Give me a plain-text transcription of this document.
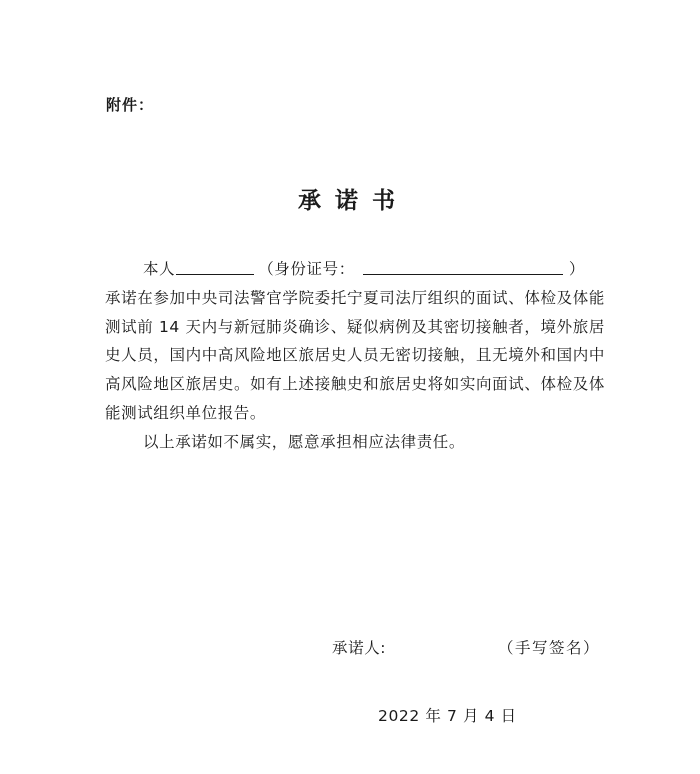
附件：
承诺书
本人	（身份证号：	）

承诺在参加中央司法警官学院委托宁夏司法厅组织的面试、体检及体能测试前 14 天内与新冠肺炎确诊、疑似病例及其密切接触者，境外旅居史人员，国内中高风险地区旅居史人员无密切接触，且无境外和国内中高风险地区旅居史。如有上述接触史和旅居史将如实向面试、体检及体能测试组织单位报告。

以上承诺如不属实，愿意承担相应法律责任。

承诺人:	（手写签名）
2022 年 7 月 4 日
